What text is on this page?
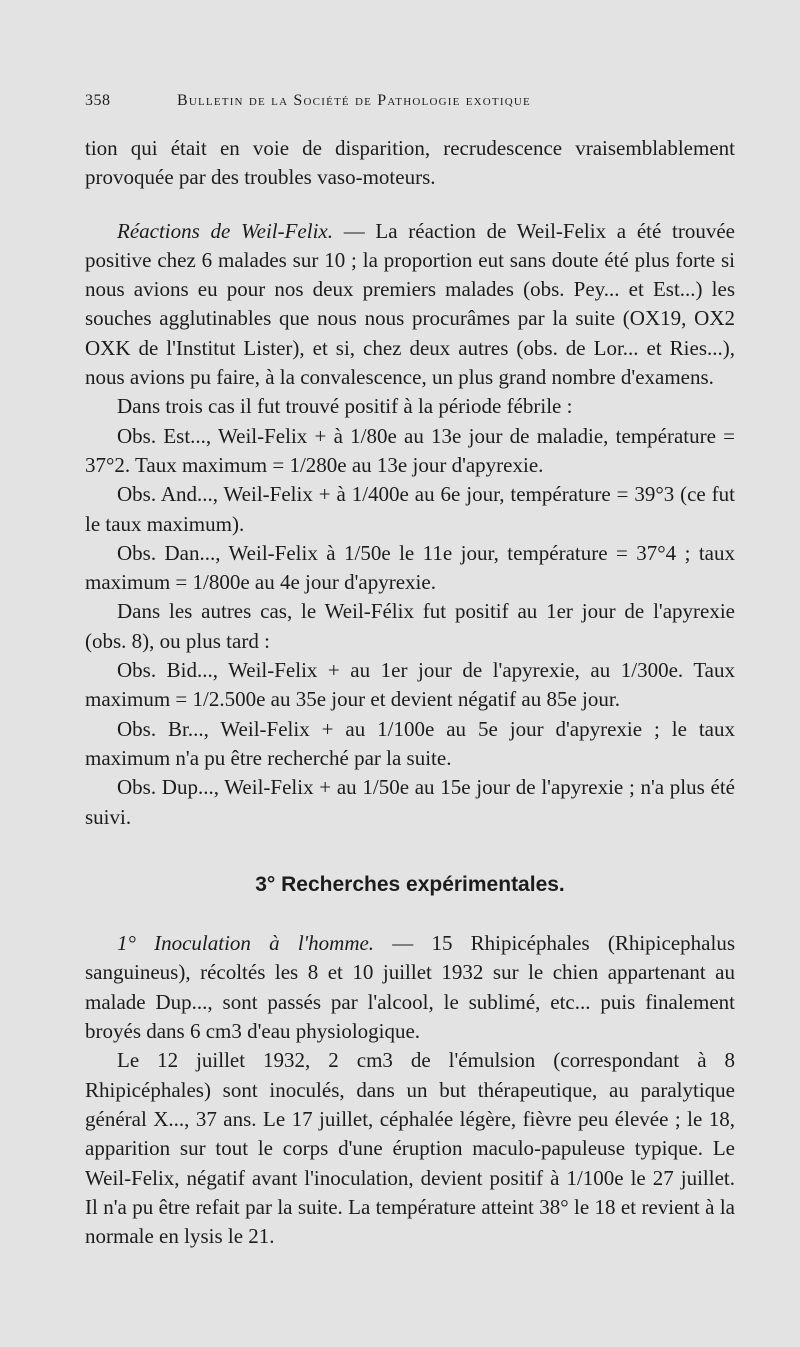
358	Bulletin de la Société de Pathologie exotique

tion qui était en voie de disparition, recrudescence vraisemblablement provoquée par des troubles vaso-moteurs.

Réactions de Weil-Felix. — La réaction de Weil-Felix a été trouvée positive chez 6 malades sur 10 ; la proportion eut sans doute été plus forte si nous avions eu pour nos deux premiers malades (obs. Pey... et Est...) les souches agglutinables que nous nous procurâmes par la suite (OX19, OX2 OXK de l'Institut Lister), et si, chez deux autres (obs. de Lor... et Ries...), nous avions pu faire, à la convalescence, un plus grand nombre d'examens.

Dans trois cas il fut trouvé positif à la période fébrile :

Obs. Est..., Weil-Felix + à 1/80e au 13e jour de maladie, température = 37°2. Taux maximum = 1/280e au 13e jour d'apyrexie.

Obs. And..., Weil-Felix + à 1/400e au 6e jour, température = 39°3 (ce fut le taux maximum).

Obs. Dan..., Weil-Felix à 1/50e le 11e jour, température = 37°4 ; taux maximum = 1/800e au 4e jour d'apyrexie.

Dans les autres cas, le Weil-Félix fut positif au 1er jour de l'apyrexie (obs. 8), ou plus tard :

Obs. Bid..., Weil-Felix + au 1er jour de l'apyrexie, au 1/300e. Taux maximum = 1/2.500e au 35e jour et devient négatif au 85e jour.

Obs. Br..., Weil-Felix + au 1/100e au 5e jour d'apyrexie ; le taux maximum n'a pu être recherché par la suite.

Obs. Dup..., Weil-Felix + au 1/50e au 15e jour de l'apyrexie ; n'a plus été suivi.

3° Recherches expérimentales.

1° Inoculation à l'homme. — 15 Rhipicéphales (Rhipicephalus sanguineus), récoltés les 8 et 10 juillet 1932 sur le chien appartenant au malade Dup..., sont passés par l'alcool, le sublimé, etc... puis finalement broyés dans 6 cm3 d'eau physiologique.

Le 12 juillet 1932, 2 cm3 de l'émulsion (correspondant à 8 Rhipicéphales) sont inoculés, dans un but thérapeutique, au paralytique général X..., 37 ans. Le 17 juillet, céphalée légère, fièvre peu élevée ; le 18, apparition sur tout le corps d'une éruption maculo-papuleuse typique. Le Weil-Felix, négatif avant l'inoculation, devient positif à 1/100e le 27 juillet. Il n'a pu être refait par la suite. La température atteint 38° le 18 et revient à la normale en lysis le 21.
